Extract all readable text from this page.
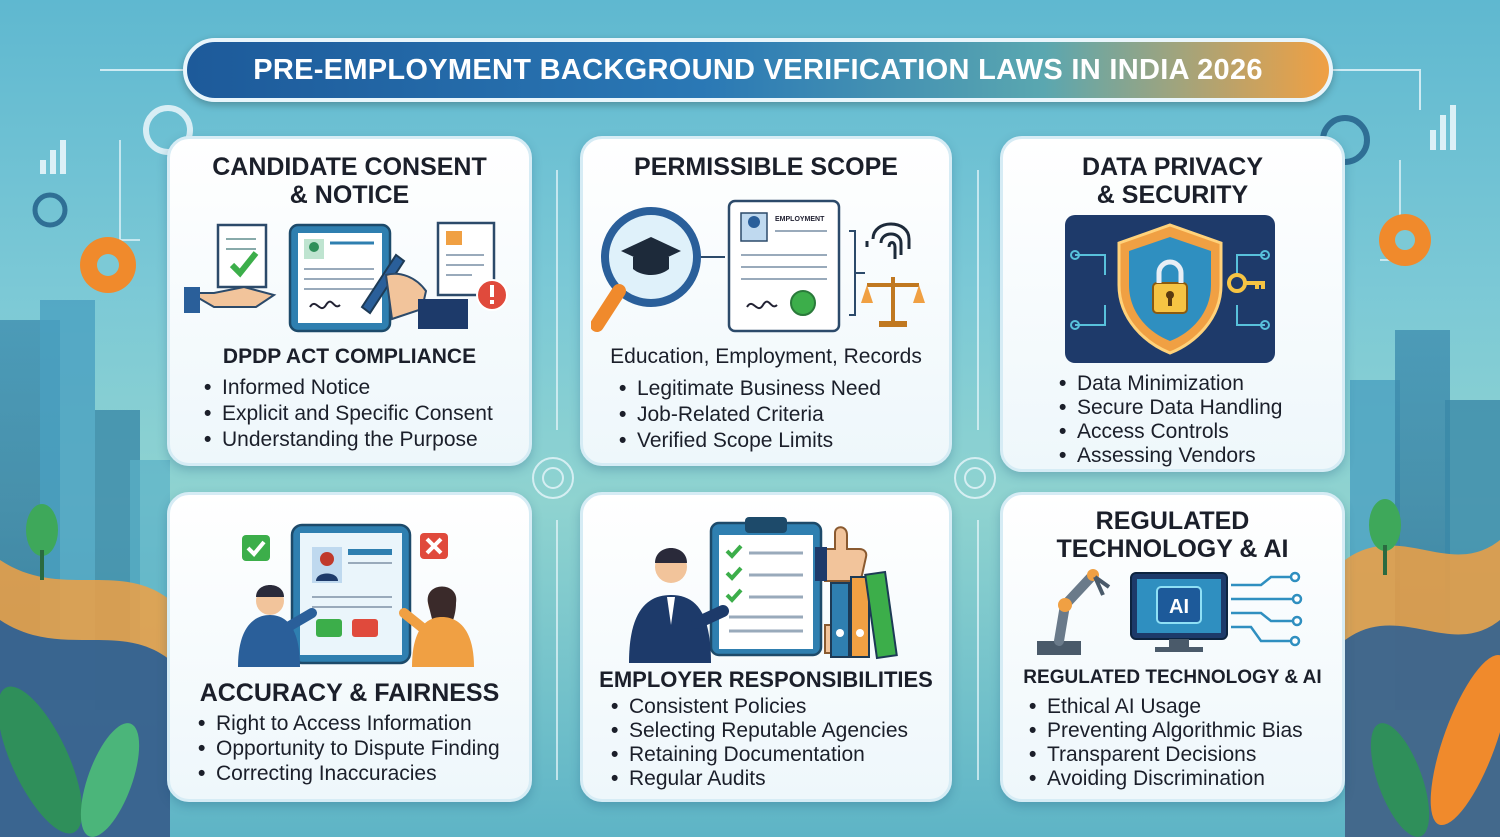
PRE-EMPLOYMENT BACKGROUND VERIFICATION LAWS IN INDIA 2026
CANDIDATE CONSENT
& NOTICE
DPDP ACT COMPLIANCE
• Informed Notice
• Explicit and Specific Consent
• Understanding the Purpose
PERMISSIBLE SCOPE
EMPLOYMENT
Education, Employment, Records
• Legitimate Business Need
• Job-Related Criteria
• Verified Scope Limits
DATA PRIVACY
& SECURITY
• Data Minimization
• Secure Data Handling
• Access Controls
• Assessing Vendors
ACCURACY & FAIRNESS
• Right to Access Information
• Opportunity to Dispute Finding
• Correcting Inaccuracies
EMPLOYER RESPONSIBILITIES
• Consistent Policies
• Selecting Reputable Agencies
• Retaining Documentation
• Regular Audits
REGULATED
TECHNOLOGY & AI
AI
REGULATED TECHNOLOGY & AI
• Ethical AI Usage
• Preventing Algorithmic Bias
• Transparent Decisions
• Avoiding Discrimination
